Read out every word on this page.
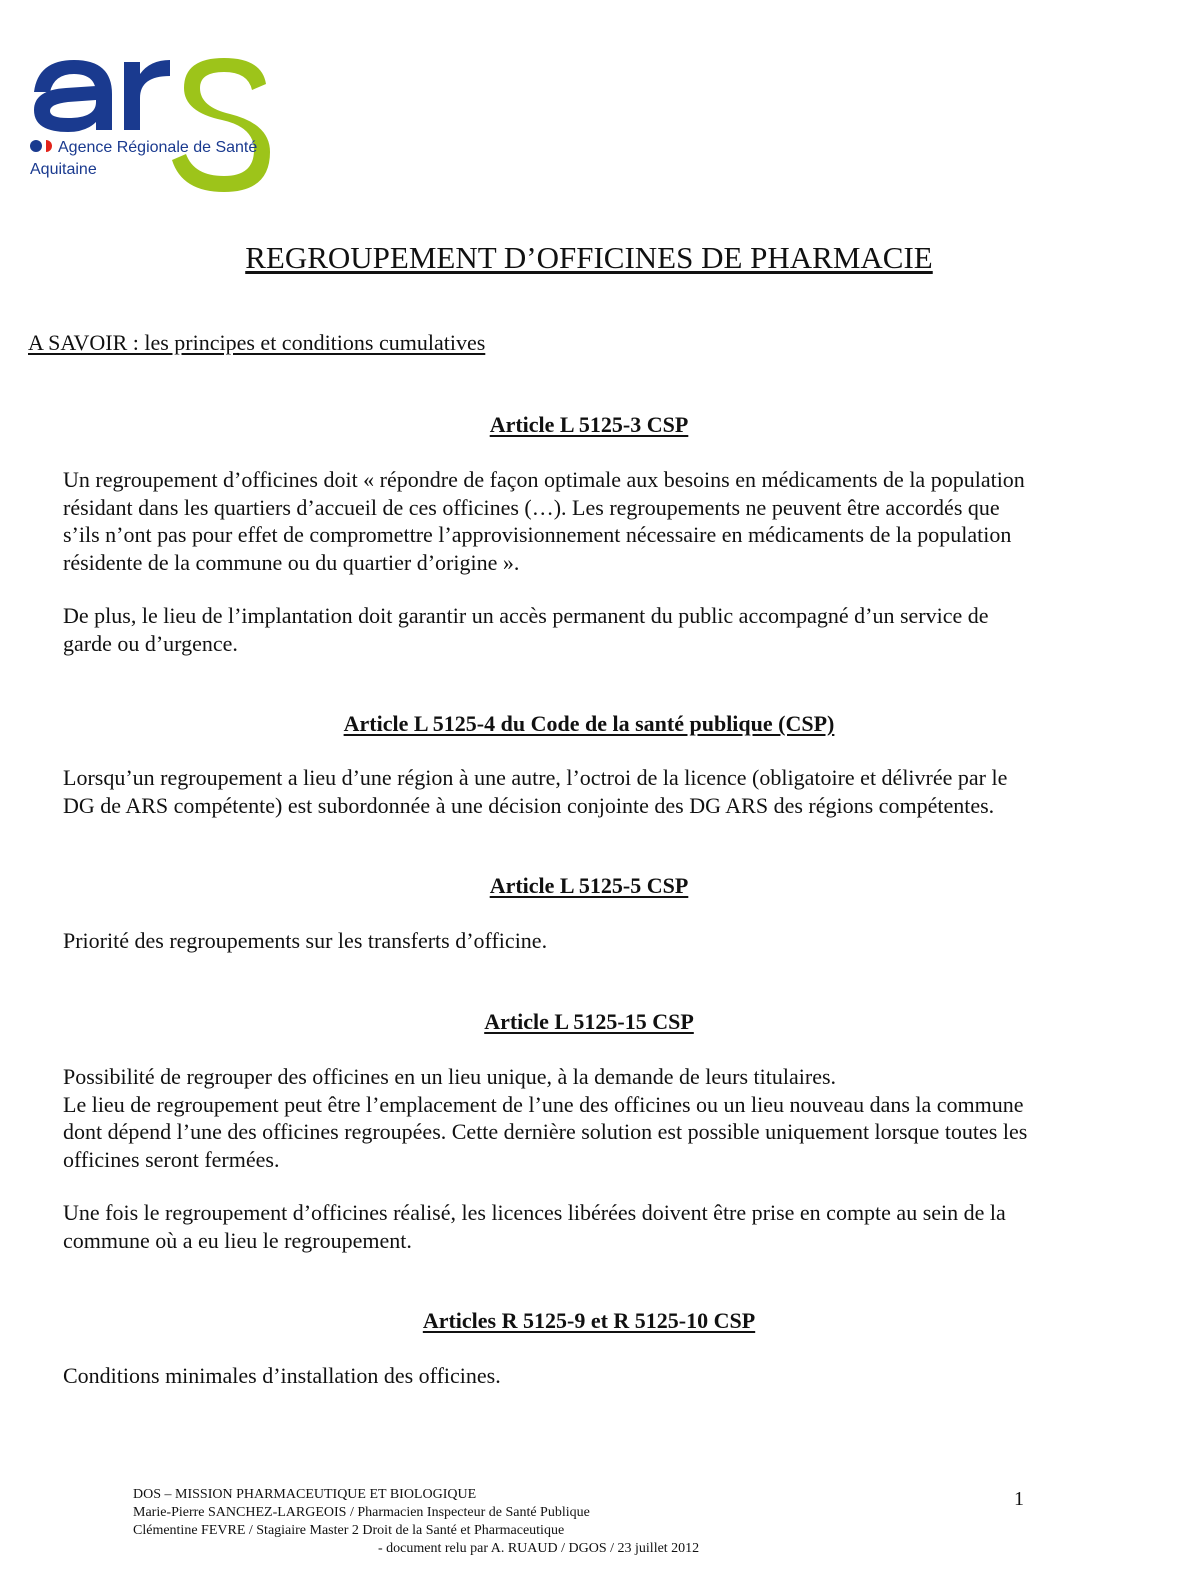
Agence Régionale de Santé
Aquitaine
REGROUPEMENT D’OFFICINES DE PHARMACIE
A SAVOIR : les principes et conditions cumulatives
Article L 5125-3 CSP

Un regroupement d’officines doit « répondre de façon optimale aux besoins en médicaments de la population
résidant dans les quartiers d’accueil de ces officines (…). Les regroupements ne peuvent être accordés que
s’ils n’ont pas pour effet de compromettre l’approvisionnement nécessaire en médicaments de la population
résidente de la commune ou du quartier d’origine ».

De plus, le lieu de l’implantation doit garantir un accès permanent du public accompagné d’un service de
garde ou d’urgence.

Article L 5125-4 du Code de la santé publique (CSP)

Lorsqu’un regroupement a lieu d’une région à une autre, l’octroi de la licence (obligatoire et délivrée par le
DG de ARS compétente) est subordonnée à une décision conjointe des DG ARS des régions compétentes.

Article L 5125-5 CSP

Priorité des regroupements sur les transferts d’officine.

Article L 5125-15 CSP

Possibilité de regrouper des officines en un lieu unique, à la demande de leurs titulaires.
Le lieu de regroupement peut être l’emplacement de l’une des officines ou un lieu nouveau dans la commune
dont dépend l’une des officines regroupées. Cette dernière solution est possible uniquement lorsque toutes les
officines seront fermées.

Une fois le regroupement d’officines réalisé, les licences libérées doivent être prise en compte au sein de la
commune où a eu lieu le regroupement.

Articles R 5125-9 et R 5125-10 CSP

Conditions minimales d’installation des officines.

DOS – MISSION PHARMACEUTIQUE ET BIOLOGIQUE
Marie-Pierre SANCHEZ-LARGEOIS / Pharmacien Inspecteur de Santé Publique
Clémentine FEVRE / Stagiaire Master 2 Droit de la Santé et Pharmaceutique
- document relu par A. RUAUD / DGOS / 23 juillet 2012
1
